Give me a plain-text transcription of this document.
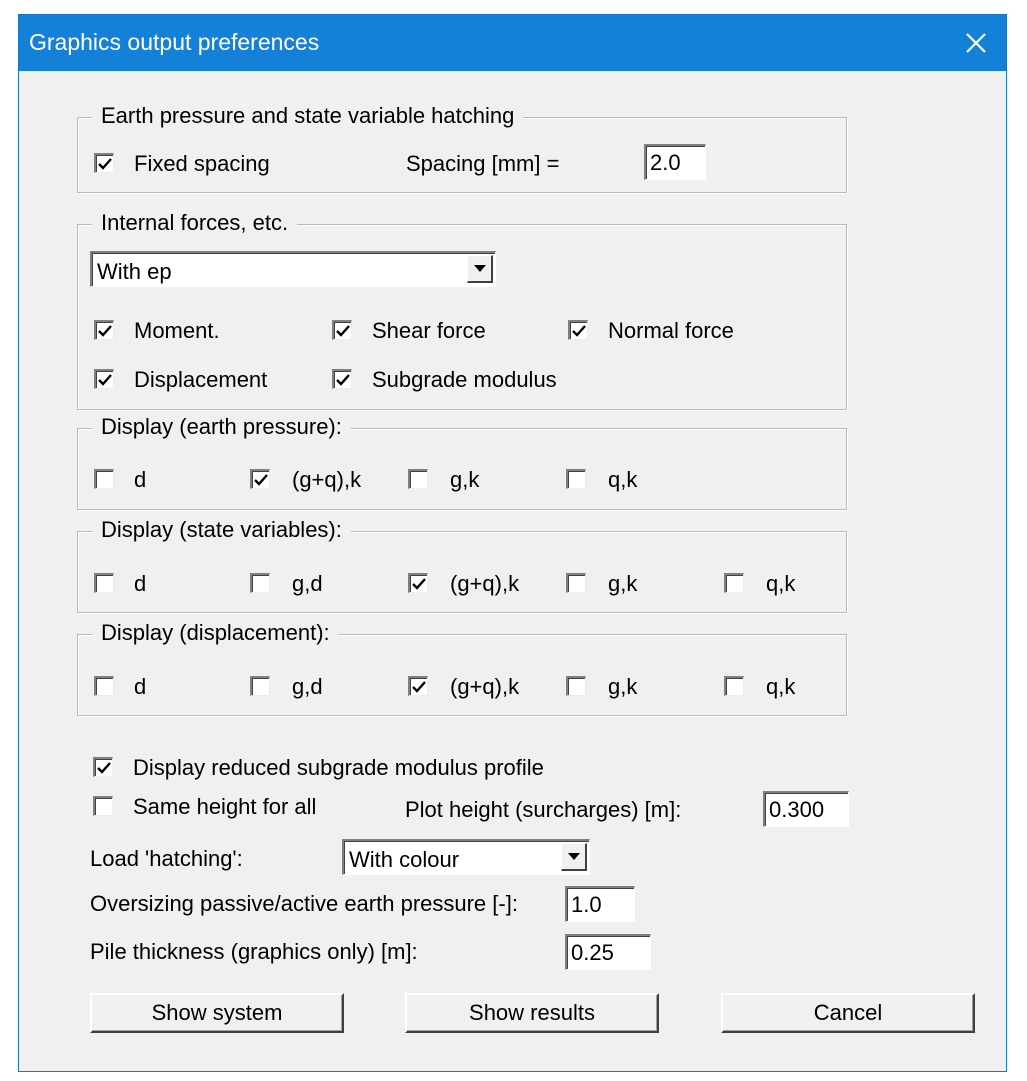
Graphics output preferences
Earth pressure and state variable hatching
Fixed spacing	Spacing [mm] =	2.0
Internal forces, etc.
With ep
Moment.	Shear force	Normal force
Displacement	Subgrade modulus
Display (earth pressure):
d	(g+q),k	g,k	q,k
Display (state variables):
d	g,d	(g+q),k	g,k	q,k
Display (displacement):
d	g,d	(g+q),k	g,k	q,k
Display reduced subgrade modulus profile
Same height for all	Plot height (surcharges) [m]:	0.300
Load 'hatching':	With colour
Oversizing passive/active earth pressure [-]: 1.0
Pile thickness (graphics only) [m]:	0.25
Show system	Show results	Cancel
